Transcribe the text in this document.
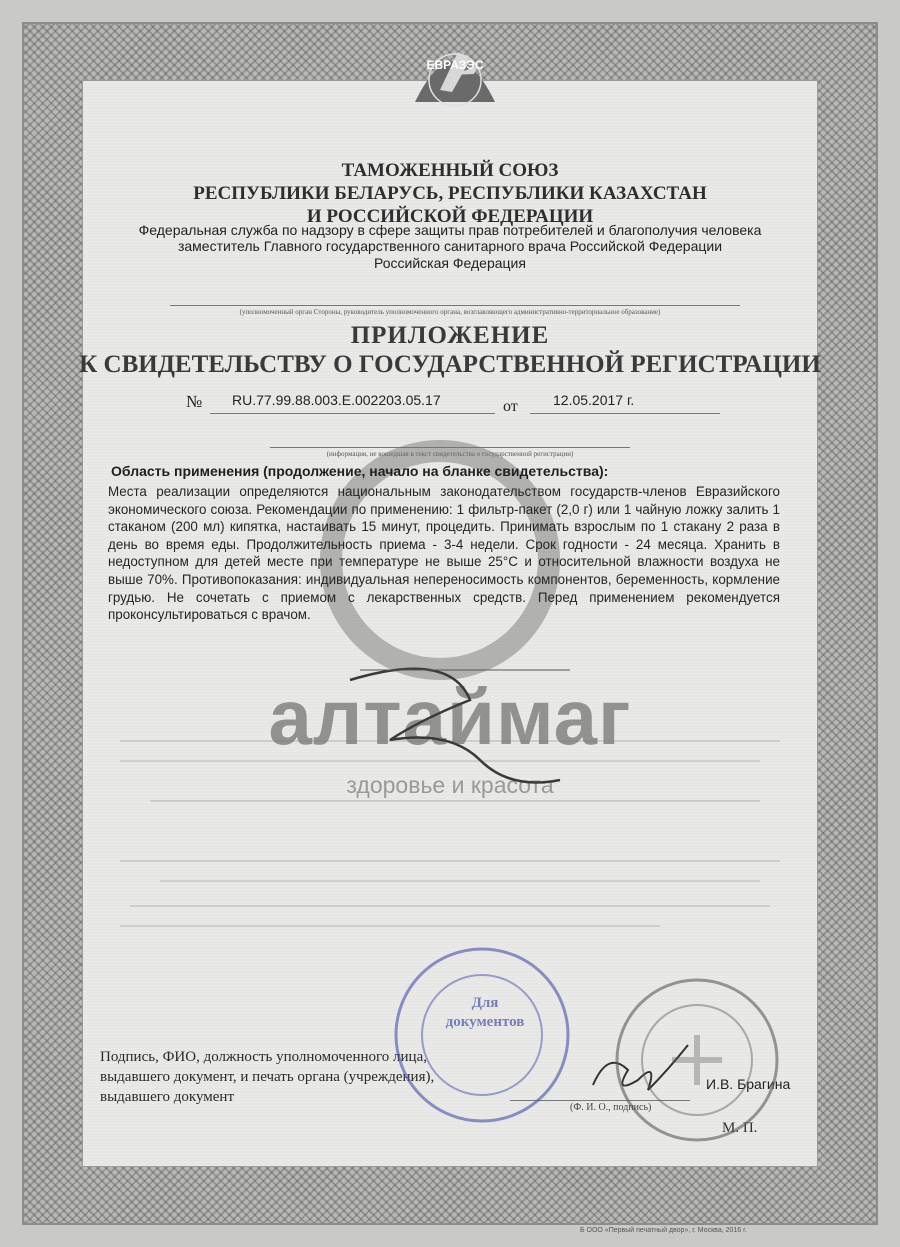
ЕВРАЗЭС
ТАМОЖЕННЫЙ СОЮЗ
РЕСПУБЛИКИ БЕЛАРУСЬ, РЕСПУБЛИКИ КАЗАХСТАН
И РОССИЙСКОЙ ФЕДЕРАЦИИ
Федеральная служба по надзору в сфере защиты прав потребителей и благополучия человека
заместитель Главного государственного санитарного врача Российской Федерации
Российская Федерация
(уполномоченный орган Стороны, руководитель уполномоченного органа, возглавляющего административно-территориальное образование)
ПРИЛОЖЕНИЕ
К СВИДЕТЕЛЬСТВУ О ГОСУДАРСТВЕННОЙ РЕГИСТРАЦИИ
№ RU.77.99.88.003.E.002203.05.17	от	12.05.2017 г.
(информация, не вошедшая в текст свидетельства о государственной регистрации)
Область применения (продолжение, начало на бланке свидетельства):
Места реализации определяются национальным законодательством государств-членов Евразийского экономического союза. Рекомендации по применению: 1 фильтр-пакет (2,0 г) или 1 чайную ложку залить 1 стаканом (200 мл) кипятка, настаивать 15 минут, процедить. Принимать взрослым по 1 стакану 2 раза в день во время еды. Продолжительность приема - 3-4 недели. Срок годности - 24 месяца. Хранить в недоступном для детей месте при температуре не выше 25°С и относительной влажности воздуха не выше 70%. Противопоказания: индивидуальная непереносимость компонентов, беременность, кормление грудью. Не сочетать с приемом с лекарственных средств. Перед применением рекомендуется проконсультироваться с врачом.
алтаймаг
здоровье и красота
Подпись, ФИО, должность уполномоченного лица, выдавшего документ, и печать органа (учреждения), выдавшего документ
И.В. Брагина
(Ф. И. О., подпись)
М. П.
Для
документов
Б ООО «Первый печатный двор», г. Москва, 2016 г.
